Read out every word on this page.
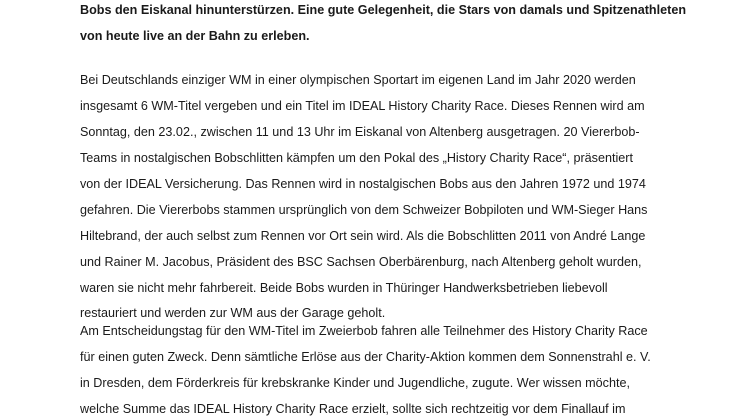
Bobs den Eiskanal hinunterstürzen. Eine gute Gelegenheit, die Stars von damals und Spitzenathleten
von heute live an der Bahn zu erleben.
Bei Deutschlands einziger WM in einer olympischen Sportart im eigenen Land im Jahr 2020 werden
insgesamt 6 WM-Titel vergeben und ein Titel im IDEAL History Charity Race. Dieses Rennen wird am
Sonntag, den 23.02., zwischen 11 und 13 Uhr im Eiskanal von Altenberg ausgetragen. 20 Viererbob-
Teams in nostalgischen Bobschlitten kämpfen um den Pokal des „History Charity Race“, präsentiert
von der IDEAL Versicherung. Das Rennen wird in nostalgischen Bobs aus den Jahren 1972 und 1974
gefahren. Die Viererbobs stammen ursprünglich von dem Schweizer Bobpiloten und WM-Sieger Hans
Hiltebrand, der auch selbst zum Rennen vor Ort sein wird. Als die Bobschlitten 2011 von André Lange
und Rainer M. Jacobus, Präsident des BSC Sachsen Oberbärenburg, nach Altenberg geholt wurden,
waren sie nicht mehr fahrbereit. Beide Bobs wurden in Thüringer Handwerksbetrieben liebevoll
restauriert und werden zur WM aus der Garage geholt.
Am Entscheidungstag für den WM-Titel im Zweierbob fahren alle Teilnehmer des History Charity Race
für einen guten Zweck. Denn sämtliche Erlöse aus der Charity-Aktion kommen dem Sonnenstrahl e. V.
in Dresden, dem Förderkreis für krebskranke Kinder und Jugendliche, zugute. Wer wissen möchte,
welche Summe das IDEAL History Charity Race erzielt, sollte sich rechtzeitig vor dem Finallauf im
